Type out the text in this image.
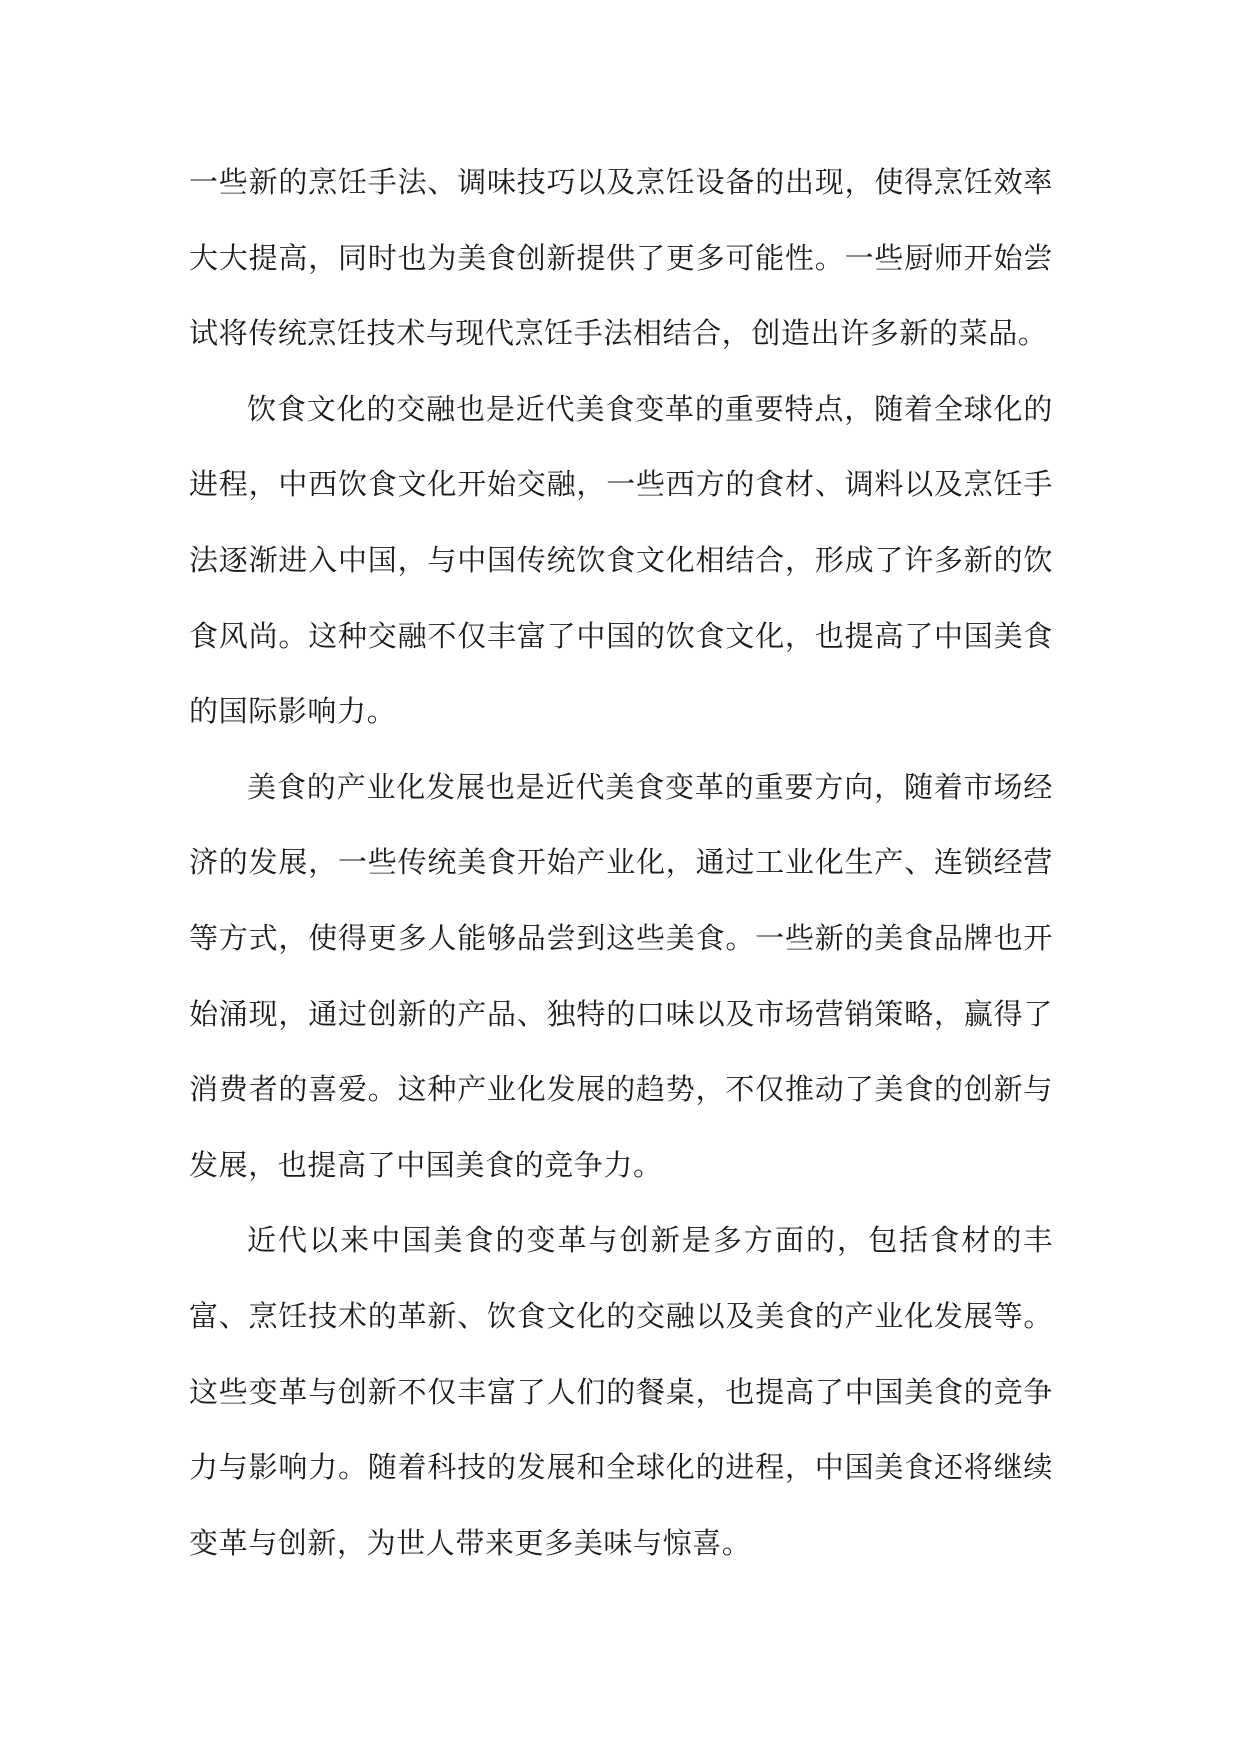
一些新的烹饪手法、调味技巧以及烹饪设备的出现，使得烹饪效率大大提高，同时也为美食创新提供了更多可能性。一些厨师开始尝试将传统烹饪技术与现代烹饪手法相结合，创造出许多新的菜品。

饮食文化的交融也是近代美食变革的重要特点，随着全球化的进程，中西饮食文化开始交融，一些西方的食材、调料以及烹饪手法逐渐进入中国，与中国传统饮食文化相结合，形成了许多新的饮食风尚。这种交融不仅丰富了中国的饮食文化，也提高了中国美食的国际影响力。

美食的产业化发展也是近代美食变革的重要方向，随着市场经济的发展，一些传统美食开始产业化，通过工业化生产、连锁经营等方式，使得更多人能够品尝到这些美食。一些新的美食品牌也开始涌现，通过创新的产品、独特的口味以及市场营销策略，赢得了消费者的喜爱。这种产业化发展的趋势，不仅推动了美食的创新与发展，也提高了中国美食的竞争力。

近代以来中国美食的变革与创新是多方面的，包括食材的丰富、烹饪技术的革新、饮食文化的交融以及美食的产业化发展等。这些变革与创新不仅丰富了人们的餐桌，也提高了中国美食的竞争力与影响力。随着科技的发展和全球化的进程，中国美食还将继续变革与创新，为世人带来更多美味与惊喜。
